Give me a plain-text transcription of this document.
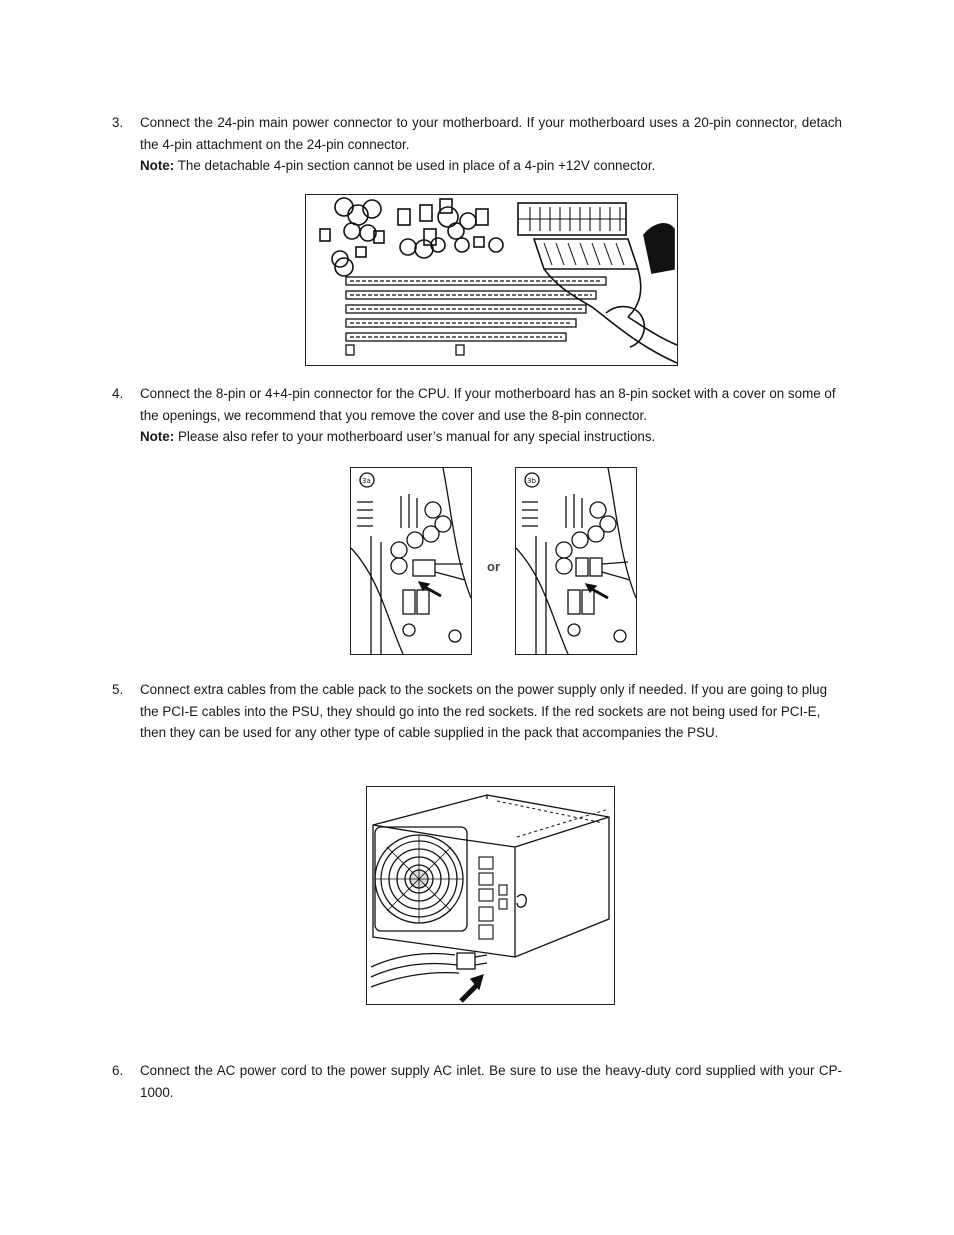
3.	Connect the 24-pin main power connector to your motherboard. If your motherboard uses a 20-pin connector, detach the 4-pin attachment on the 24-pin connector.
Note: The detachable 4-pin section cannot be used in place of a 4-pin +12V connector.
4.	Connect the 8-pin or 4+4-pin connector for the CPU. If your motherboard has an 8-pin socket with a cover on some of the openings, we recommend that you remove the cover and use the 8-pin connector.
Note: Please also refer to your motherboard user’s manual for any special instructions.
3a
or
3b
5.	Connect extra cables from the cable pack to the sockets on the power supply only if needed. If you are going to plug the PCI-E cables into the PSU, they should go into the red sockets. If the red sockets are not being used for PCI-E, then they can be used for any other type of cable supplied in the pack that accompanies the PSU.
6.	Connect the AC power cord to the power supply AC inlet. Be sure to use the heavy-duty cord supplied with your CP-1000.
